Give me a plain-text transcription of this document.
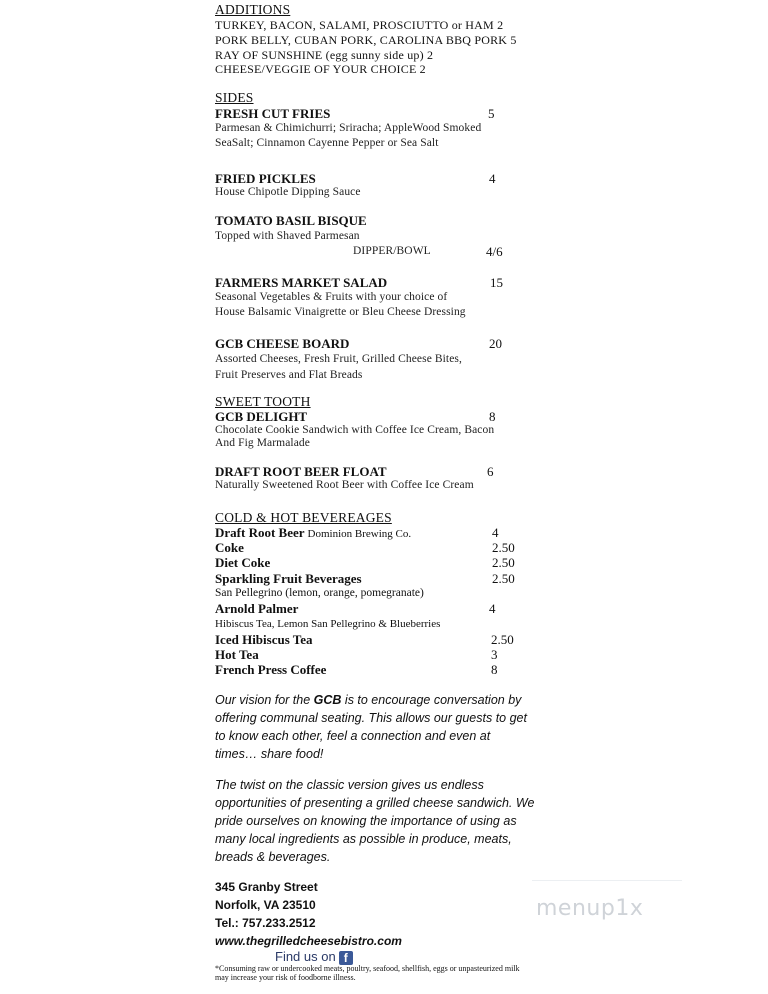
ADDITIONS
TURKEY, BACON, SALAMI, PROSCIUTTO or HAM 2
PORK BELLY, CUBAN PORK, CAROLINA BBQ PORK 5
RAY OF SUNSHINE (egg sunny side up) 2
CHEESE/VEGGIE OF YOUR CHOICE 2
SIDES
FRESH CUT FRIES	5
Parmesan & Chimichurri; Sriracha; AppleWood Smoked
SeaSalt; Cinnamon Cayenne Pepper or Sea Salt
FRIED PICKLES	4
House Chipotle Dipping Sauce
TOMATO BASIL BISQUE
Topped with Shaved Parmesan
DIPPER/BOWL	4/6
FARMERS MARKET SALAD	15
Seasonal Vegetables & Fruits with your choice of
House Balsamic Vinaigrette or Bleu Cheese Dressing
GCB CHEESE BOARD	20
Assorted Cheeses, Fresh Fruit, Grilled Cheese Bites,
Fruit Preserves and Flat Breads
SWEET TOOTH
GCB DELIGHT	8
Chocolate Cookie Sandwich with Coffee Ice Cream, Bacon
And Fig Marmalade
DRAFT ROOT BEER FLOAT	6
Naturally Sweetened Root Beer with Coffee Ice Cream
COLD & HOT BEVEREAGES
Draft Root Beer Dominion Brewing Co.	4
Coke	2.50
Diet Coke	2.50
Sparkling Fruit Beverages	2.50
San Pellegrino (lemon, orange, pomegranate)
Arnold Palmer	4
Hibiscus Tea, Lemon San Pellegrino & Blueberries
Iced Hibiscus Tea	2.50
Hot Tea	3
French Press Coffee	8
Our vision for the GCB is to encourage conversation by offering communal seating. This allows our guests to get to know each other, feel a connection and even at times… share food!
The twist on the classic version gives us endless opportunities of presenting a grilled cheese sandwich. We pride ourselves on knowing the importance of using as many local ingredients as possible in produce, meats, breads & beverages.
345 Granby Street
Norfolk, VA 23510
Tel.: 757.233.2512
www.thegrilledcheesebistro.com
Find us on f
*Consuming raw or undercooked meats, poultry, seafood, shellfish, eggs or unpasteurized milk may increase your risk of foodborne illness.
menup1x
